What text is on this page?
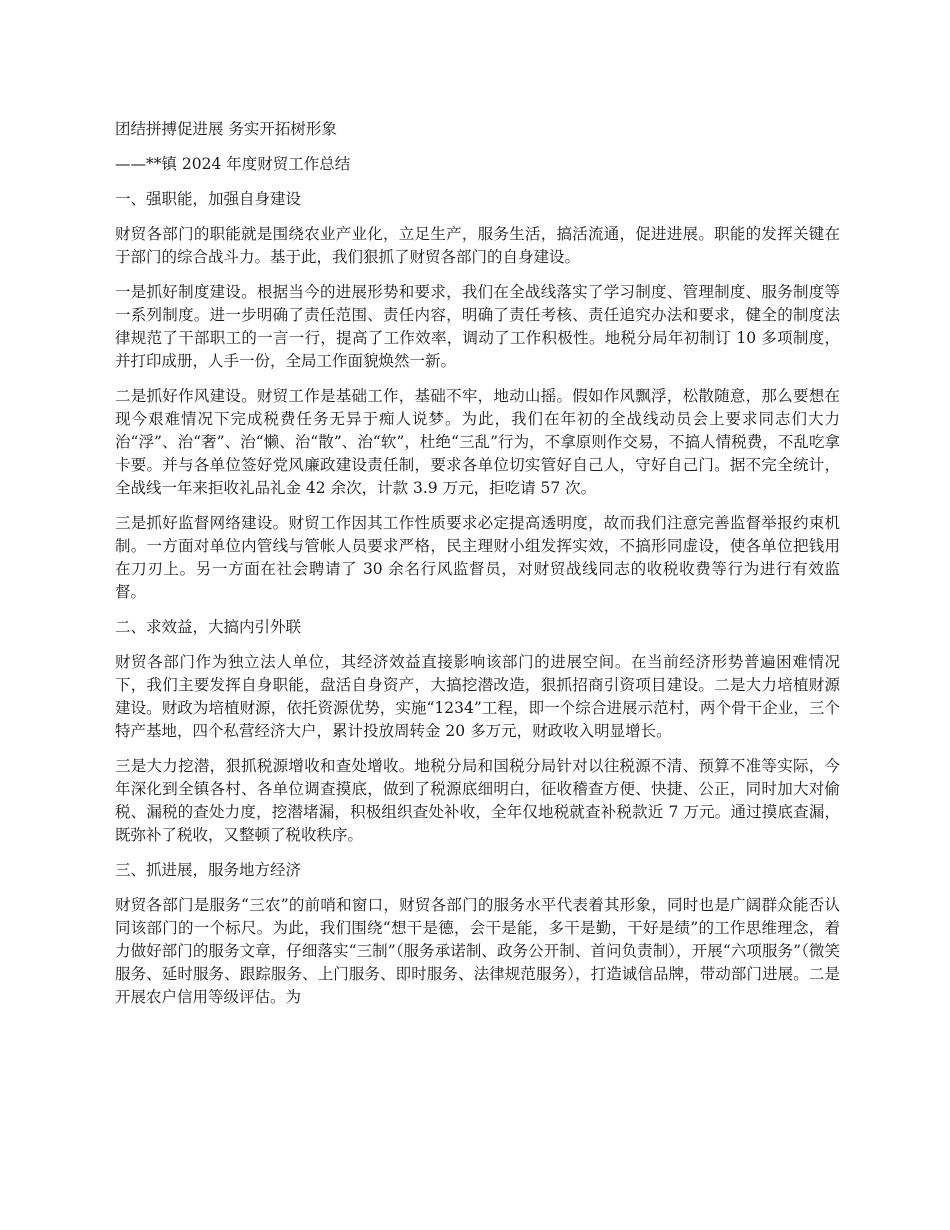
团结拼搏促进展 务实开拓树形象

——**镇 2024 年度财贸工作总结

一、强职能，加强自身建设

财贸各部门的职能就是围绕农业产业化，立足生产，服务生活，搞活流通，促进进展。职能的发挥关键在于部门的综合战斗力。基于此，我们狠抓了财贸各部门的自身建设。

一是抓好制度建设。根据当今的进展形势和要求，我们在全战线落实了学习制度、管理制度、服务制度等一系列制度。进一步明确了责任范围、责任内容，明确了责任考核、责任追究办法和要求，健全的制度法律规范了干部职工的一言一行，提高了工作效率，调动了工作积极性。地税分局年初制订 10 多项制度，并打印成册，人手一份，全局工作面貌焕然一新。

二是抓好作风建设。财贸工作是基础工作，基础不牢，地动山摇。假如作风飘浮，松散随意，那么要想在现今艰难情况下完成税费任务无异于痴人说梦。为此，我们在年初的全战线动员会上要求同志们大力治“浮”、治“奢”、治“懒、治“散”、治“软”，杜绝“三乱”行为，不拿原则作交易，不搞人情税费，不乱吃拿卡要。并与各单位签好党风廉政建设责任制，要求各单位切实管好自己人，守好自己门。据不完全统计，全战线一年来拒收礼品礼金 42 余次，计款 3.9 万元，拒吃请 57 次。

三是抓好监督网络建设。财贸工作因其工作性质要求必定提高透明度，故而我们注意完善监督举报约束机制。一方面对单位内管线与管帐人员要求严格，民主理财小组发挥实效，不搞形同虚设，使各单位把钱用在刀刃上。另一方面在社会聘请了 30 余名行风监督员，对财贸战线同志的收税收费等行为进行有效监督。

二、求效益，大搞内引外联

财贸各部门作为独立法人单位，其经济效益直接影响该部门的进展空间。在当前经济形势普遍困难情况下，我们主要发挥自身职能，盘活自身资产，大搞挖潜改造，狠抓招商引资项目建设。二是大力培植财源建设。财政为培植财源，依托资源优势，实施“1234”工程，即一个综合进展示范村，两个骨干企业，三个特产基地，四个私营经济大户，累计投放周转金 20 多万元，财政收入明显增长。

三是大力挖潜，狠抓税源增收和查处增收。地税分局和国税分局针对以往税源不清、预算不准等实际，今年深化到全镇各村、各单位调查摸底，做到了税源底细明白，征收稽查方便、快捷、公正，同时加大对偷税、漏税的查处力度，挖潜堵漏，积极组织查处补收，全年仅地税就查补税款近 7 万元。通过摸底查漏，既弥补了税收，又整顿了税收秩序。

三、抓进展，服务地方经济

财贸各部门是服务“三农”的前哨和窗口，财贸各部门的服务水平代表着其形象，同时也是广阔群众能否认同该部门的一个标尺。为此，我们围绕“想干是德，会干是能，多干是勤，干好是绩”的工作思维理念，着力做好部门的服务文章，仔细落实“三制”（服务承诺制、政务公开制、首问负责制），开展“六项服务”（微笑服务、延时服务、跟踪服务、上门服务、即时服务、法律规范服务），打造诚信品牌，带动部门进展。二是开展农户信用等级评估。为
